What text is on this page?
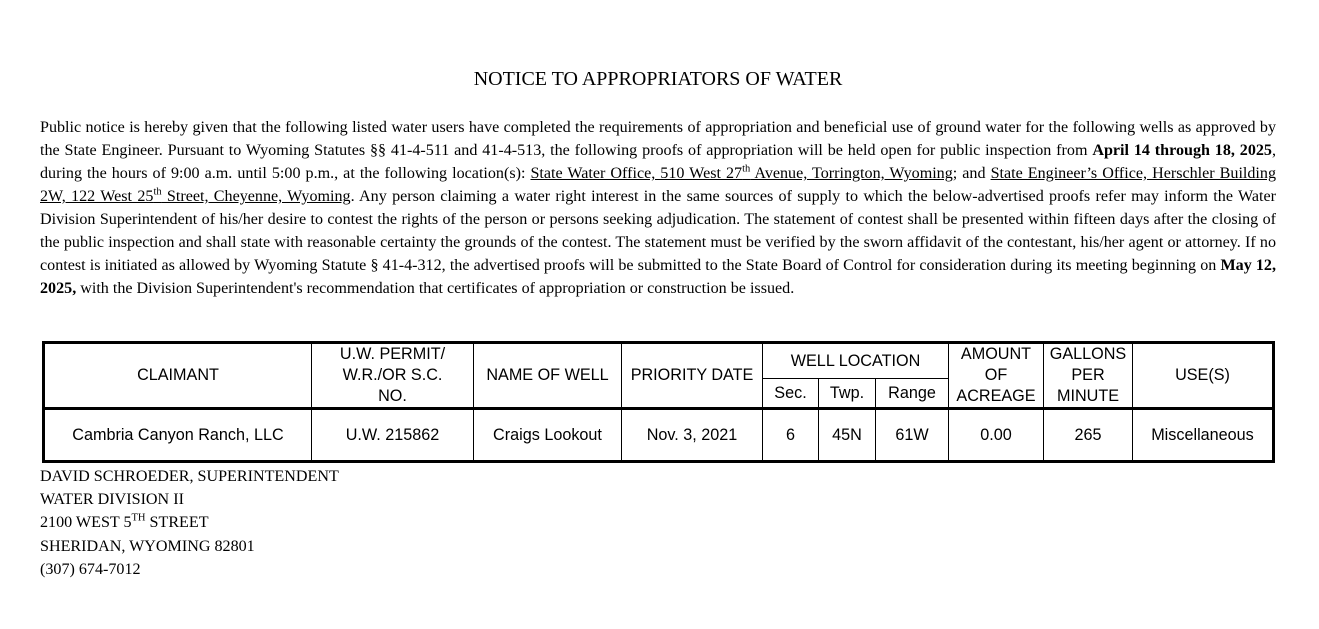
NOTICE TO APPROPRIATORS OF WATER
Public notice is hereby given that the following listed water users have completed the requirements of appropriation and beneficial use of ground water for the following wells as approved by the State Engineer. Pursuant to Wyoming Statutes §§ 41-4-511 and 41-4-513, the following proofs of appropriation will be held open for public inspection from April 14 through 18, 2025, during the hours of 9:00 a.m. until 5:00 p.m., at the following location(s): State Water Office, 510 West 27th Avenue, Torrington, Wyoming; and State Engineer’s Office, Herschler Building 2W, 122 West 25th Street, Cheyenne, Wyoming. Any person claiming a water right interest in the same sources of supply to which the below-advertised proofs refer may inform the Water Division Superintendent of his/her desire to contest the rights of the person or persons seeking adjudication. The statement of contest shall be presented within fifteen days after the closing of the public inspection and shall state with reasonable certainty the grounds of the contest. The statement must be verified by the sworn affidavit of the contestant, his/her agent or attorney. If no contest is initiated as allowed by Wyoming Statute § 41-4-312, the advertised proofs will be submitted to the State Board of Control for consideration during its meeting beginning on May 12, 2025, with the Division Superintendent's recommendation that certificates of appropriation or construction be issued.
CLAIMANT	U.W. PERMIT/ W.R./OR S.C. NO.	NAME OF WELL	PRIORITY DATE	WELL LOCATION			AMOUNT OF ACREAGE	GALLONS PER MINUTE	USE(S)
				Sec.	Twp.	Range			
Cambria Canyon Ranch, LLC	U.W. 215862	Craigs Lookout	Nov. 3, 2021	6	45N	61W	0.00	265	Miscellaneous
DAVID SCHROEDER, SUPERINTENDENT
WATER DIVISION II
2100 WEST 5TH STREET
SHERIDAN, WYOMING 82801
(307) 674-7012
